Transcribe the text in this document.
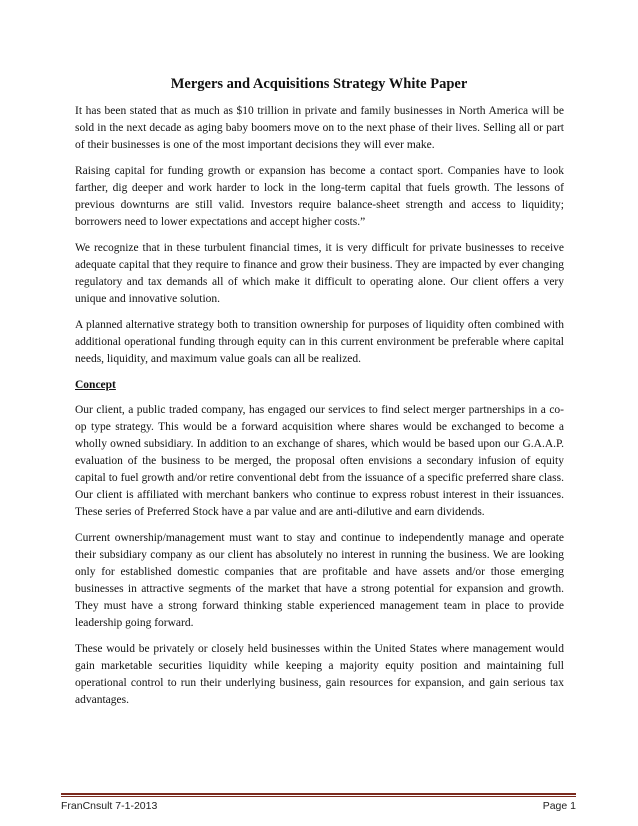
Mergers and Acquisitions Strategy White Paper

It has been stated that as much as $10 trillion in private and family businesses in North America will be sold in the next decade as aging baby boomers move on to the next phase of their lives. Selling all or part of their businesses is one of the most important decisions they will ever make.

Raising capital for funding growth or expansion has become a contact sport. Companies have to look farther, dig deeper and work harder to lock in the long-term capital that fuels growth. The lessons of previous downturns are still valid. Investors require balance-sheet strength and access to liquidity; borrowers need to lower expectations and accept higher costs.”

We recognize that in these turbulent financial times, it is very difficult for private businesses to receive adequate capital that they require to finance and grow their business. They are impacted by ever changing regulatory and tax demands all of which make it difficult to operating alone. Our client offers a very unique and innovative solution.

A planned alternative strategy both to transition ownership for purposes of liquidity often combined with additional operational funding through equity can in this current environment be preferable where capital needs, liquidity, and maximum value goals can all be realized.

Concept

Our client, a public traded company, has engaged our services to find select merger partnerships in a co-op type strategy. This would be a forward acquisition where shares would be exchanged to become a wholly owned subsidiary. In addition to an exchange of shares, which would be based upon our G.A.A.P. evaluation of the business to be merged, the proposal often envisions a secondary infusion of equity capital to fuel growth and/or retire conventional debt from the issuance of a specific preferred share class. Our client is affiliated with merchant bankers who continue to express robust interest in their issuances. These series of Preferred Stock have a par value and are anti-dilutive and earn dividends.

Current ownership/management must want to stay and continue to independently manage and operate their subsidiary company as our client has absolutely no interest in running the business. We are looking only for established domestic companies that are profitable and have assets and/or those emerging businesses in attractive segments of the market that have a strong potential for expansion and growth. They must have a strong forward thinking stable experienced management team in place to provide leadership going forward.

These would be privately or closely held businesses within the United States where management would gain marketable securities liquidity while keeping a majority equity position and maintaining full operational control to run their underlying business, gain resources for expansion, and gain serious tax advantages.

FranCnsult 7-1-2013	Page 1
